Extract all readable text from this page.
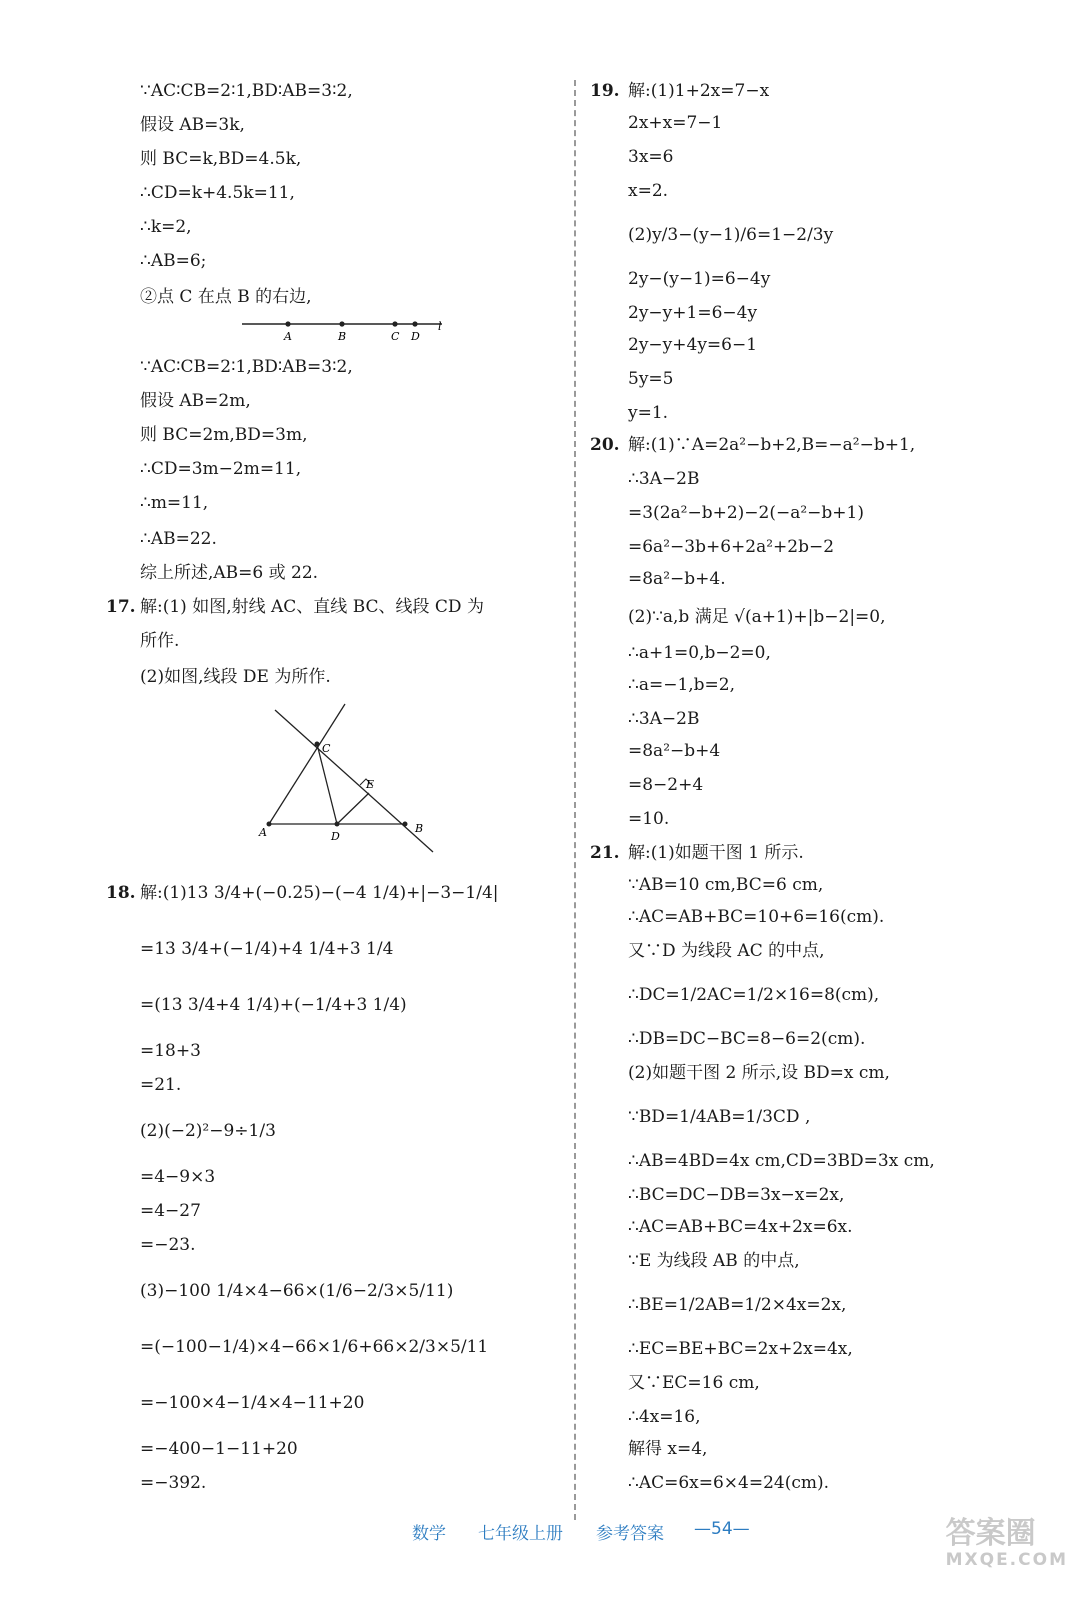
∵AC∶CB=2∶1,BD∶AB=3∶2,
假设 AB=3k,
则 BC=k,BD=4.5k,
∴CD=k+4.5k=11,
∴k=2,
∴AB=6;
②点 C 在点 B 的右边,
A	B	C D
l
∵AC∶CB=2∶1,BD∶AB=3∶2,
假设 AB=2m,
则 BC=2m,BD=3m,
∴CD=3m−2m=11,
∴m=11,
∴AB=22.
综上所述,AB=6 或 22.
17. 解:(1) 如图,射线 AC、直线 BC、线段 CD 为
所作.
(2)如图,线段 DE 为所作.
C
E
A	D
B
18. 解:(1)13 3/4+(−0.25)−(−4 1/4)+|−3−1/4|
=13 3/4+(−1/4)+4 1/4+3 1/4
=(13 3/4+4 1/4)+(−1/4+3 1/4)
=18+3
=21.
(2)(−2)²−9÷1/3
=4−9×3
=4−27
=−23.
(3)−100 1/4×4−66×(1/6−2/3×5/11)
=(−100−1/4)×4−66×1/6+66×2/3×5/11
=−100×4−1/4×4−11+20
=−400−1−11+20
=−392.
19. 解:(1)1+2x=7−x
2x+x=7−1
3x=6
x=2.
(2)y/3−(y−1)/6=1−2/3y
2y−(y−1)=6−4y
2y−y+1=6−4y
2y−y+4y=6−1
5y=5
y=1.
20. 解:(1)∵A=2a²−b+2,B=−a²−b+1,
∴3A−2B
=3(2a²−b+2)−2(−a²−b+1)
=6a²−3b+6+2a²+2b−2
=8a²−b+4.
(2)∵a,b 满足 √(a+1)+|b−2|=0,
∴a+1=0,b−2=0,
∴a=−1,b=2,
∴3A−2B
=8a²−b+4
=8−2+4
=10.
21. 解:(1)如题干图 1 所示.
∵AB=10 cm,BC=6 cm,
∴AC=AB+BC=10+6=16(cm).
又∵D 为线段 AC 的中点,
∴DC=1/2AC=1/2×16=8(cm),
∴DB=DC−BC=8−6=2(cm).
(2)如题干图 2 所示,设 BD=x cm,
∵BD=1/4AB=1/3CD ,
∴AB=4BD=4x cm,CD=3BD=3x cm,
∴BC=DC−DB=3x−x=2x,
∴AC=AB+BC=4x+2x=6x.
∵E 为线段 AB 的中点,
∴BE=1/2AB=1/2×4x=2x,
∴EC=BE+BC=2x+2x=4x,
又∵EC=16 cm,
∴4x=16,
解得 x=4,
∴AC=6x=6×4=24(cm).
数学 七年级上册 参考答案 —54—	答案圈
MXQE.COM
